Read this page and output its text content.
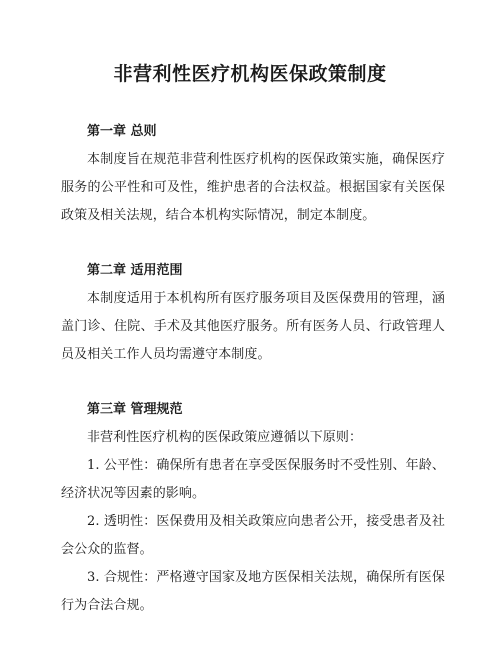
非营利性医疗机构医保政策制度
第一章 总则

本制度旨在规范非营利性医疗机构的医保政策实施，确保医疗服务的公平性和可及性，维护患者的合法权益。根据国家有关医保政策及相关法规，结合本机构实际情况，制定本制度。

第二章 适用范围

本制度适用于本机构所有医疗服务项目及医保费用的管理，涵盖门诊、住院、手术及其他医疗服务。所有医务人员、行政管理人员及相关工作人员均需遵守本制度。

第三章 管理规范

非营利性医疗机构的医保政策应遵循以下原则：

1. 公平性：确保所有患者在享受医保服务时不受性别、年龄、经济状况等因素的影响。

2. 透明性：医保费用及相关政策应向患者公开，接受患者及社会公众的监督。

3. 合规性：严格遵守国家及地方医保相关法规，确保所有医保行为合法合规。
